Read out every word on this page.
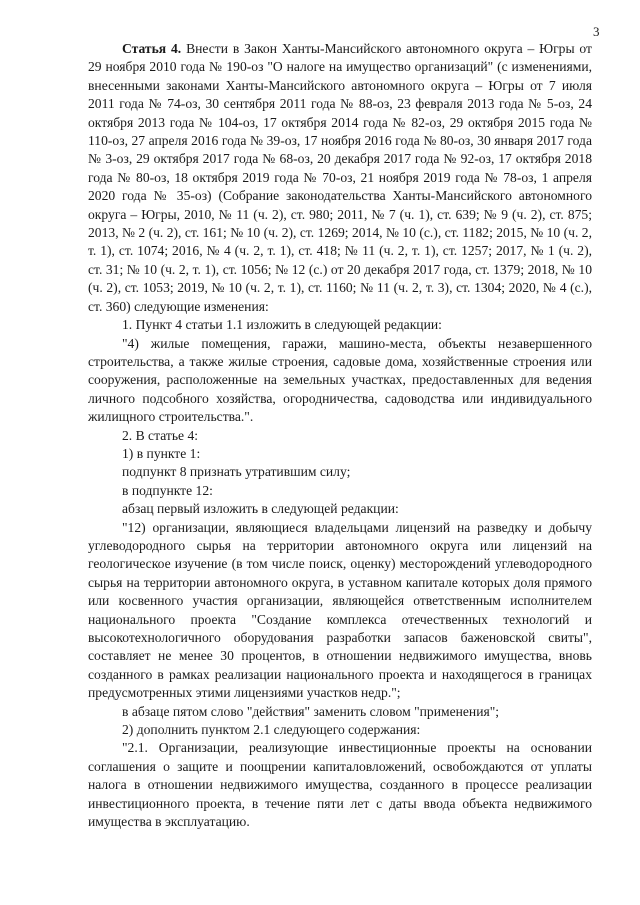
3

Статья 4. Внести в Закон Ханты-Мансийского автономного округа – Югры от 29 ноября 2010 года № 190-оз "О налоге на имущество организаций" (с изменениями, внесенными законами Ханты-Мансийского автономного округа – Югры от 7 июля 2011 года № 74-оз, 30 сентября 2011 года № 88-оз, 23 февраля 2013 года № 5-оз, 24 октября 2013 года № 104-оз, 17 октября 2014 года № 82-оз, 29 октября 2015 года № 110-оз, 27 апреля 2016 года № 39-оз, 17 ноября 2016 года № 80-оз, 30 января 2017 года № 3-оз, 29 октября 2017 года № 68-оз, 20 декабря 2017 года № 92-оз, 17 октября 2018 года № 80-оз, 18 октября 2019 года № 70-оз, 21 ноября 2019 года № 78-оз, 1 апреля 2020 года № 35-оз) (Собрание законодательства Ханты-Мансийского автономного округа – Югры, 2010, № 11 (ч. 2), ст. 980; 2011, № 7 (ч. 1), ст. 639; № 9 (ч. 2), ст. 875; 2013, № 2 (ч. 2), ст. 161; № 10 (ч. 2), ст. 1269; 2014, № 10 (с.), ст. 1182; 2015, № 10 (ч. 2, т. 1), ст. 1074; 2016, № 4 (ч. 2, т. 1), ст. 418; № 11 (ч. 2, т. 1), ст. 1257; 2017, № 1 (ч. 2), ст. 31; № 10 (ч. 2, т. 1), ст. 1056; № 12 (с.) от 20 декабря 2017 года, ст. 1379; 2018, № 10 (ч. 2), ст. 1053; 2019, № 10 (ч. 2, т. 1), ст. 1160; № 11 (ч. 2, т. 3), ст. 1304; 2020, № 4 (с.), ст. 360) следующие изменения:

1. Пункт 4 статьи 1.1 изложить в следующей редакции:

"4) жилые помещения, гаражи, машино-места, объекты незавершенного строительства, а также жилые строения, садовые дома, хозяйственные строения или сооружения, расположенные на земельных участках, предоставленных для ведения личного подсобного хозяйства, огородничества, садоводства или индивидуального жилищного строительства.".

2. В статье 4:

1) в пункте 1:

подпункт 8 признать утратившим силу;

в подпункте 12:

абзац первый изложить в следующей редакции:

"12) организации, являющиеся владельцами лицензий на разведку и добычу углеводородного сырья на территории автономного округа или лицензий на геологическое изучение (в том числе поиск, оценку) месторождений углеводородного сырья на территории автономного округа, в уставном капитале которых доля прямого или косвенного участия организации, являющейся ответственным исполнителем национального проекта "Создание комплекса отечественных технологий и высокотехнологичного оборудования разработки запасов баженовской свиты", составляет не менее 30 процентов, в отношении недвижимого имущества, вновь созданного в рамках реализации национального проекта и находящегося в границах предусмотренных этими лицензиями участков недр.";

в абзаце пятом слово "действия" заменить словом "применения";

2) дополнить пунктом 2.1 следующего содержания:

"2.1. Организации, реализующие инвестиционные проекты на основании соглашения о защите и поощрении капиталовложений, освобождаются от уплаты налога в отношении недвижимого имущества, созданного в процессе реализации инвестиционного проекта, в течение пяти лет с даты ввода объекта недвижимого имущества в эксплуатацию.
